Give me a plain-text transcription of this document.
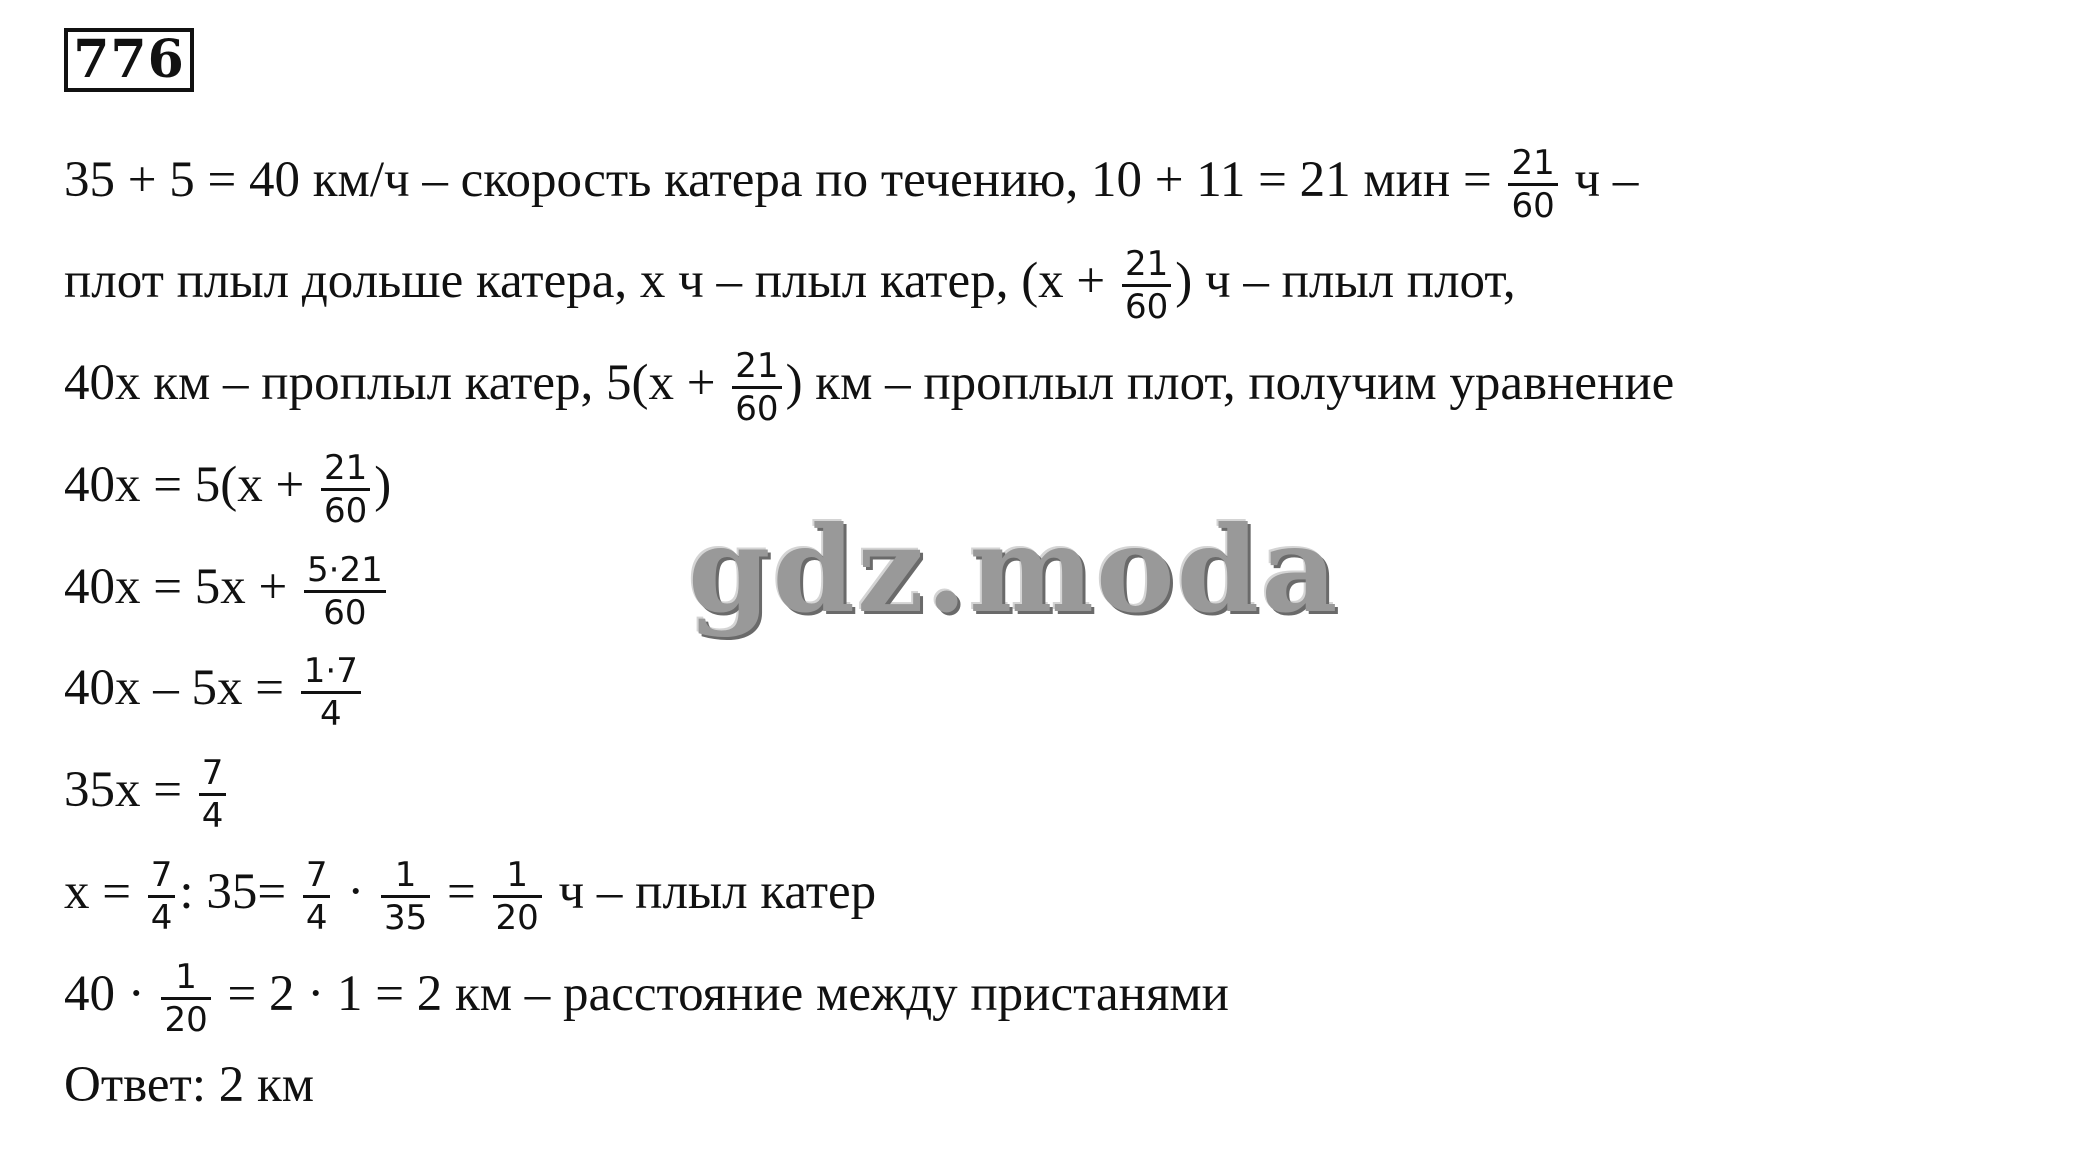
776
35 + 5 = 40 км/ч – скорость катера по течению, 10 + 11 = 21 мин = $\frac{21}{60}$ ч –
плот плыл дольше катера, x ч – плыл катер, ($x + \frac{21}{60}$ ) ч – плыл плот,
40x км – проплыл катер, $5(x + \frac{21}{60}$ ) км – проплыл плот, получим уравнение
$40x = 5(x + \frac{21}{60}$ )
$40x = 5x + \frac{5\cdot 21}{60}$
$40x - 5x = \frac{1\cdot 7}{4}$
$35x = \frac{7}{4}$
$x = \frac{7}{4}$ : $35= \frac{7}{4} \cdot \frac{1}{35} = \frac{1}{20}$ ч – плыл катер
$40 \cdot \frac{1}{20} = 2 \cdot 1 = 2$ км – расстояние между пристанями
Ответ: 2 км
gdz.moda
